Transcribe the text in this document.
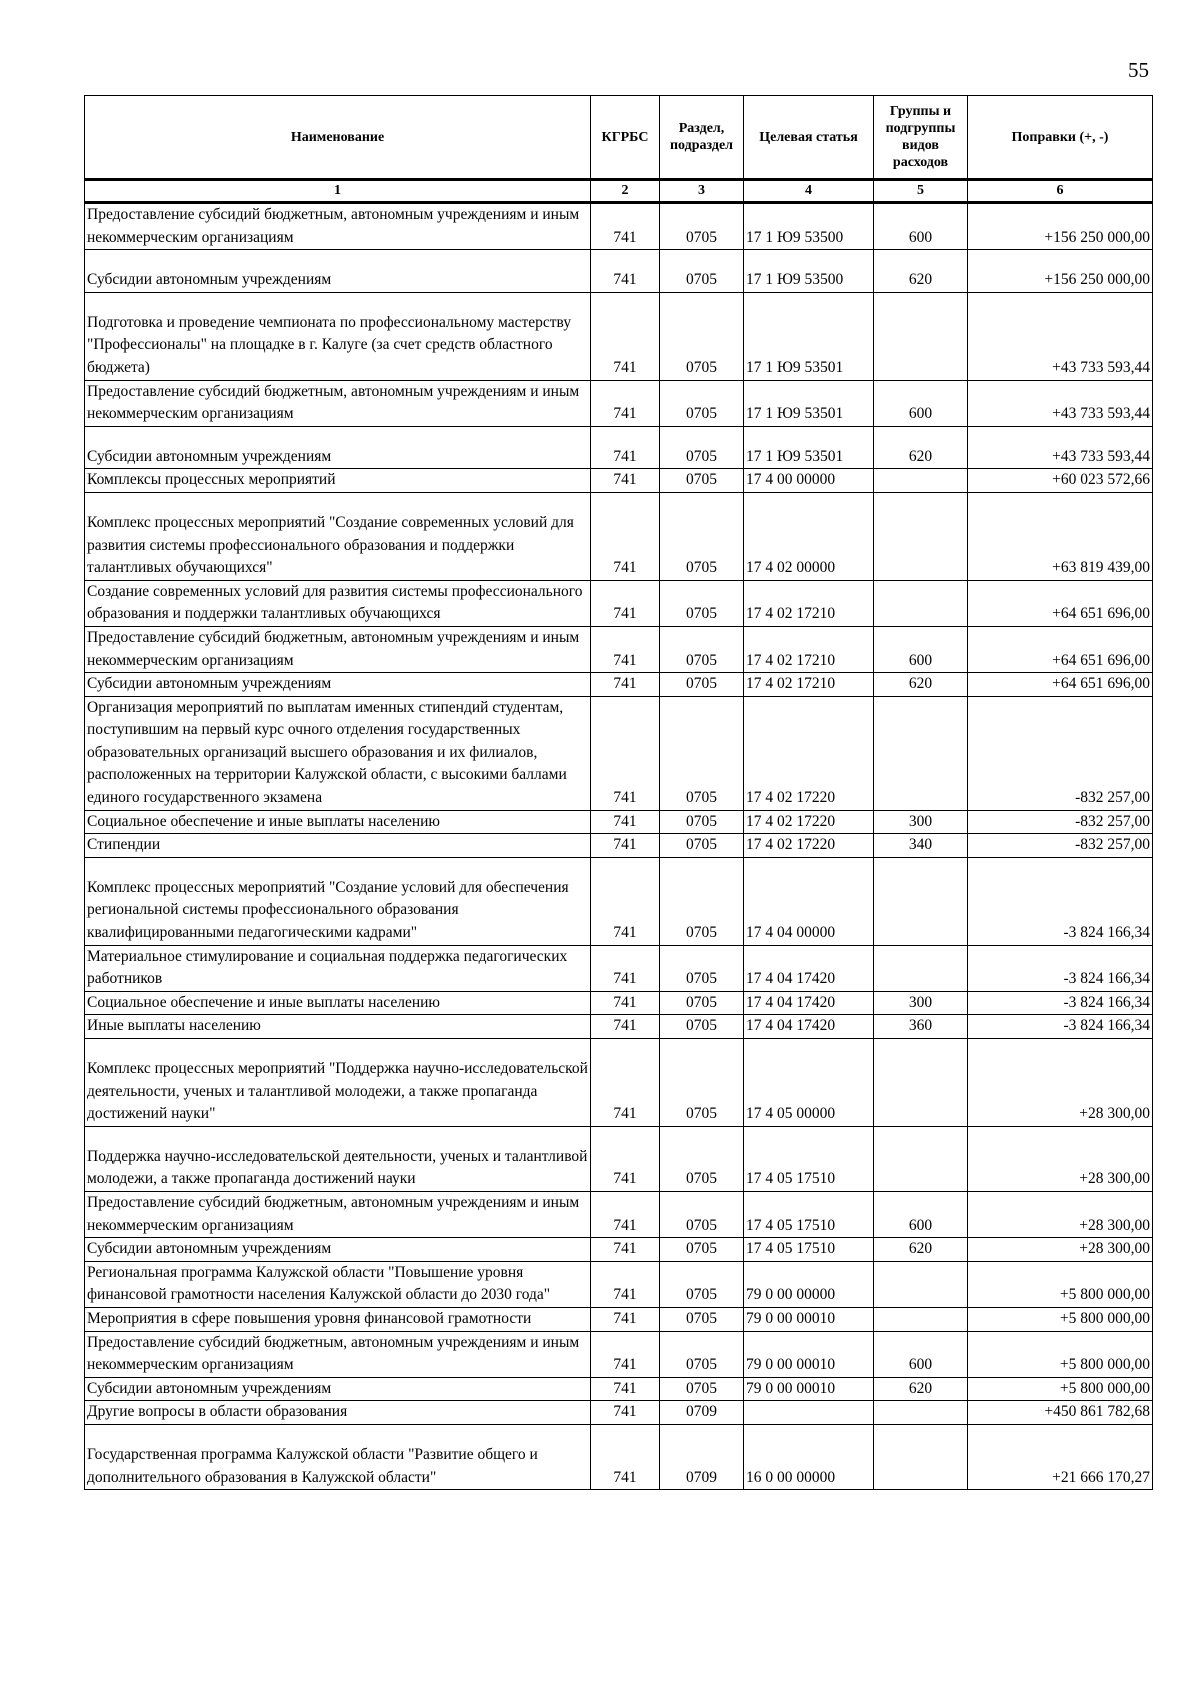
55
Наименование	КГРБС	Раздел, подраздел	Целевая статья	Группы и подгруппы видов расходов	Поправки (+, -)
1	2	3	4	5	6
Предоставление субсидий бюджетным, автономным учреждениям и иным некоммерческим организациям	741	0705	17 1 Ю9 53500	600	+156 250 000,00
Субсидии автономным учреждениям	741	0705	17 1 Ю9 53500	620	+156 250 000,00
Подготовка и проведение чемпионата по профессиональному мастерству "Профессионалы" на площадке в г. Калуге (за счет средств областного бюджета)	741	0705	17 1 Ю9 53501		+43 733 593,44
Предоставление субсидий бюджетным, автономным учреждениям и иным некоммерческим организациям	741	0705	17 1 Ю9 53501	600	+43 733 593,44
Субсидии автономным учреждениям	741	0705	17 1 Ю9 53501	620	+43 733 593,44
Комплексы процессных мероприятий	741	0705	17 4 00 00000		+60 023 572,66
Комплекс процессных мероприятий "Создание современных условий для развития системы профессионального образования и поддержки талантливых обучающихся"	741	0705	17 4 02 00000		+63 819 439,00
Создание современных условий для развития системы профессионального образования и поддержки талантливых обучающихся	741	0705	17 4 02 17210		+64 651 696,00
Предоставление субсидий бюджетным, автономным учреждениям и иным некоммерческим организациям	741	0705	17 4 02 17210	600	+64 651 696,00
Субсидии автономным учреждениям	741	0705	17 4 02 17210	620	+64 651 696,00
Организация мероприятий по выплатам именных стипендий студентам, поступившим на первый курс очного отделения государственных образовательных организаций высшего образования и их филиалов, расположенных на территории Калужской области, с высокими баллами единого государственного экзамена	741	0705	17 4 02 17220		-832 257,00
Социальное обеспечение и иные выплаты населению	741	0705	17 4 02 17220	300	-832 257,00
Стипендии	741	0705	17 4 02 17220	340	-832 257,00
Комплекс процессных мероприятий "Создание условий для обеспечения региональной системы профессионального образования квалифицированными педагогическими кадрами"	741	0705	17 4 04 00000		-3 824 166,34
Материальное стимулирование и социальная поддержка педагогических работников	741	0705	17 4 04 17420		-3 824 166,34
Социальное обеспечение и иные выплаты населению	741	0705	17 4 04 17420	300	-3 824 166,34
Иные выплаты населению	741	0705	17 4 04 17420	360	-3 824 166,34
Комплекс процессных мероприятий "Поддержка научно-исследовательской деятельности, ученых и талантливой молодежи, а также пропаганда достижений науки"	741	0705	17 4 05 00000		+28 300,00
Поддержка научно-исследовательской деятельности, ученых и талантливой молодежи, а также пропаганда достижений науки	741	0705	17 4 05 17510		+28 300,00
Предоставление субсидий бюджетным, автономным учреждениям и иным некоммерческим организациям	741	0705	17 4 05 17510	600	+28 300,00
Субсидии автономным учреждениям	741	0705	17 4 05 17510	620	+28 300,00
Региональная программа Калужской области "Повышение уровня финансовой грамотности населения Калужской области до 2030 года"	741	0705	79 0 00 00000		+5 800 000,00
Мероприятия в сфере повышения уровня финансовой грамотности	741	0705	79 0 00 00010		+5 800 000,00
Предоставление субсидий бюджетным, автономным учреждениям и иным некоммерческим организациям	741	0705	79 0 00 00010	600	+5 800 000,00
Субсидии автономным учреждениям	741	0705	79 0 00 00010	620	+5 800 000,00
Другие вопросы в области образования	741	0709			+450 861 782,68
Государственная программа Калужской области "Развитие общего и дополнительного образования в Калужской области"	741	0709	16 0 00 00000		+21 666 170,27
